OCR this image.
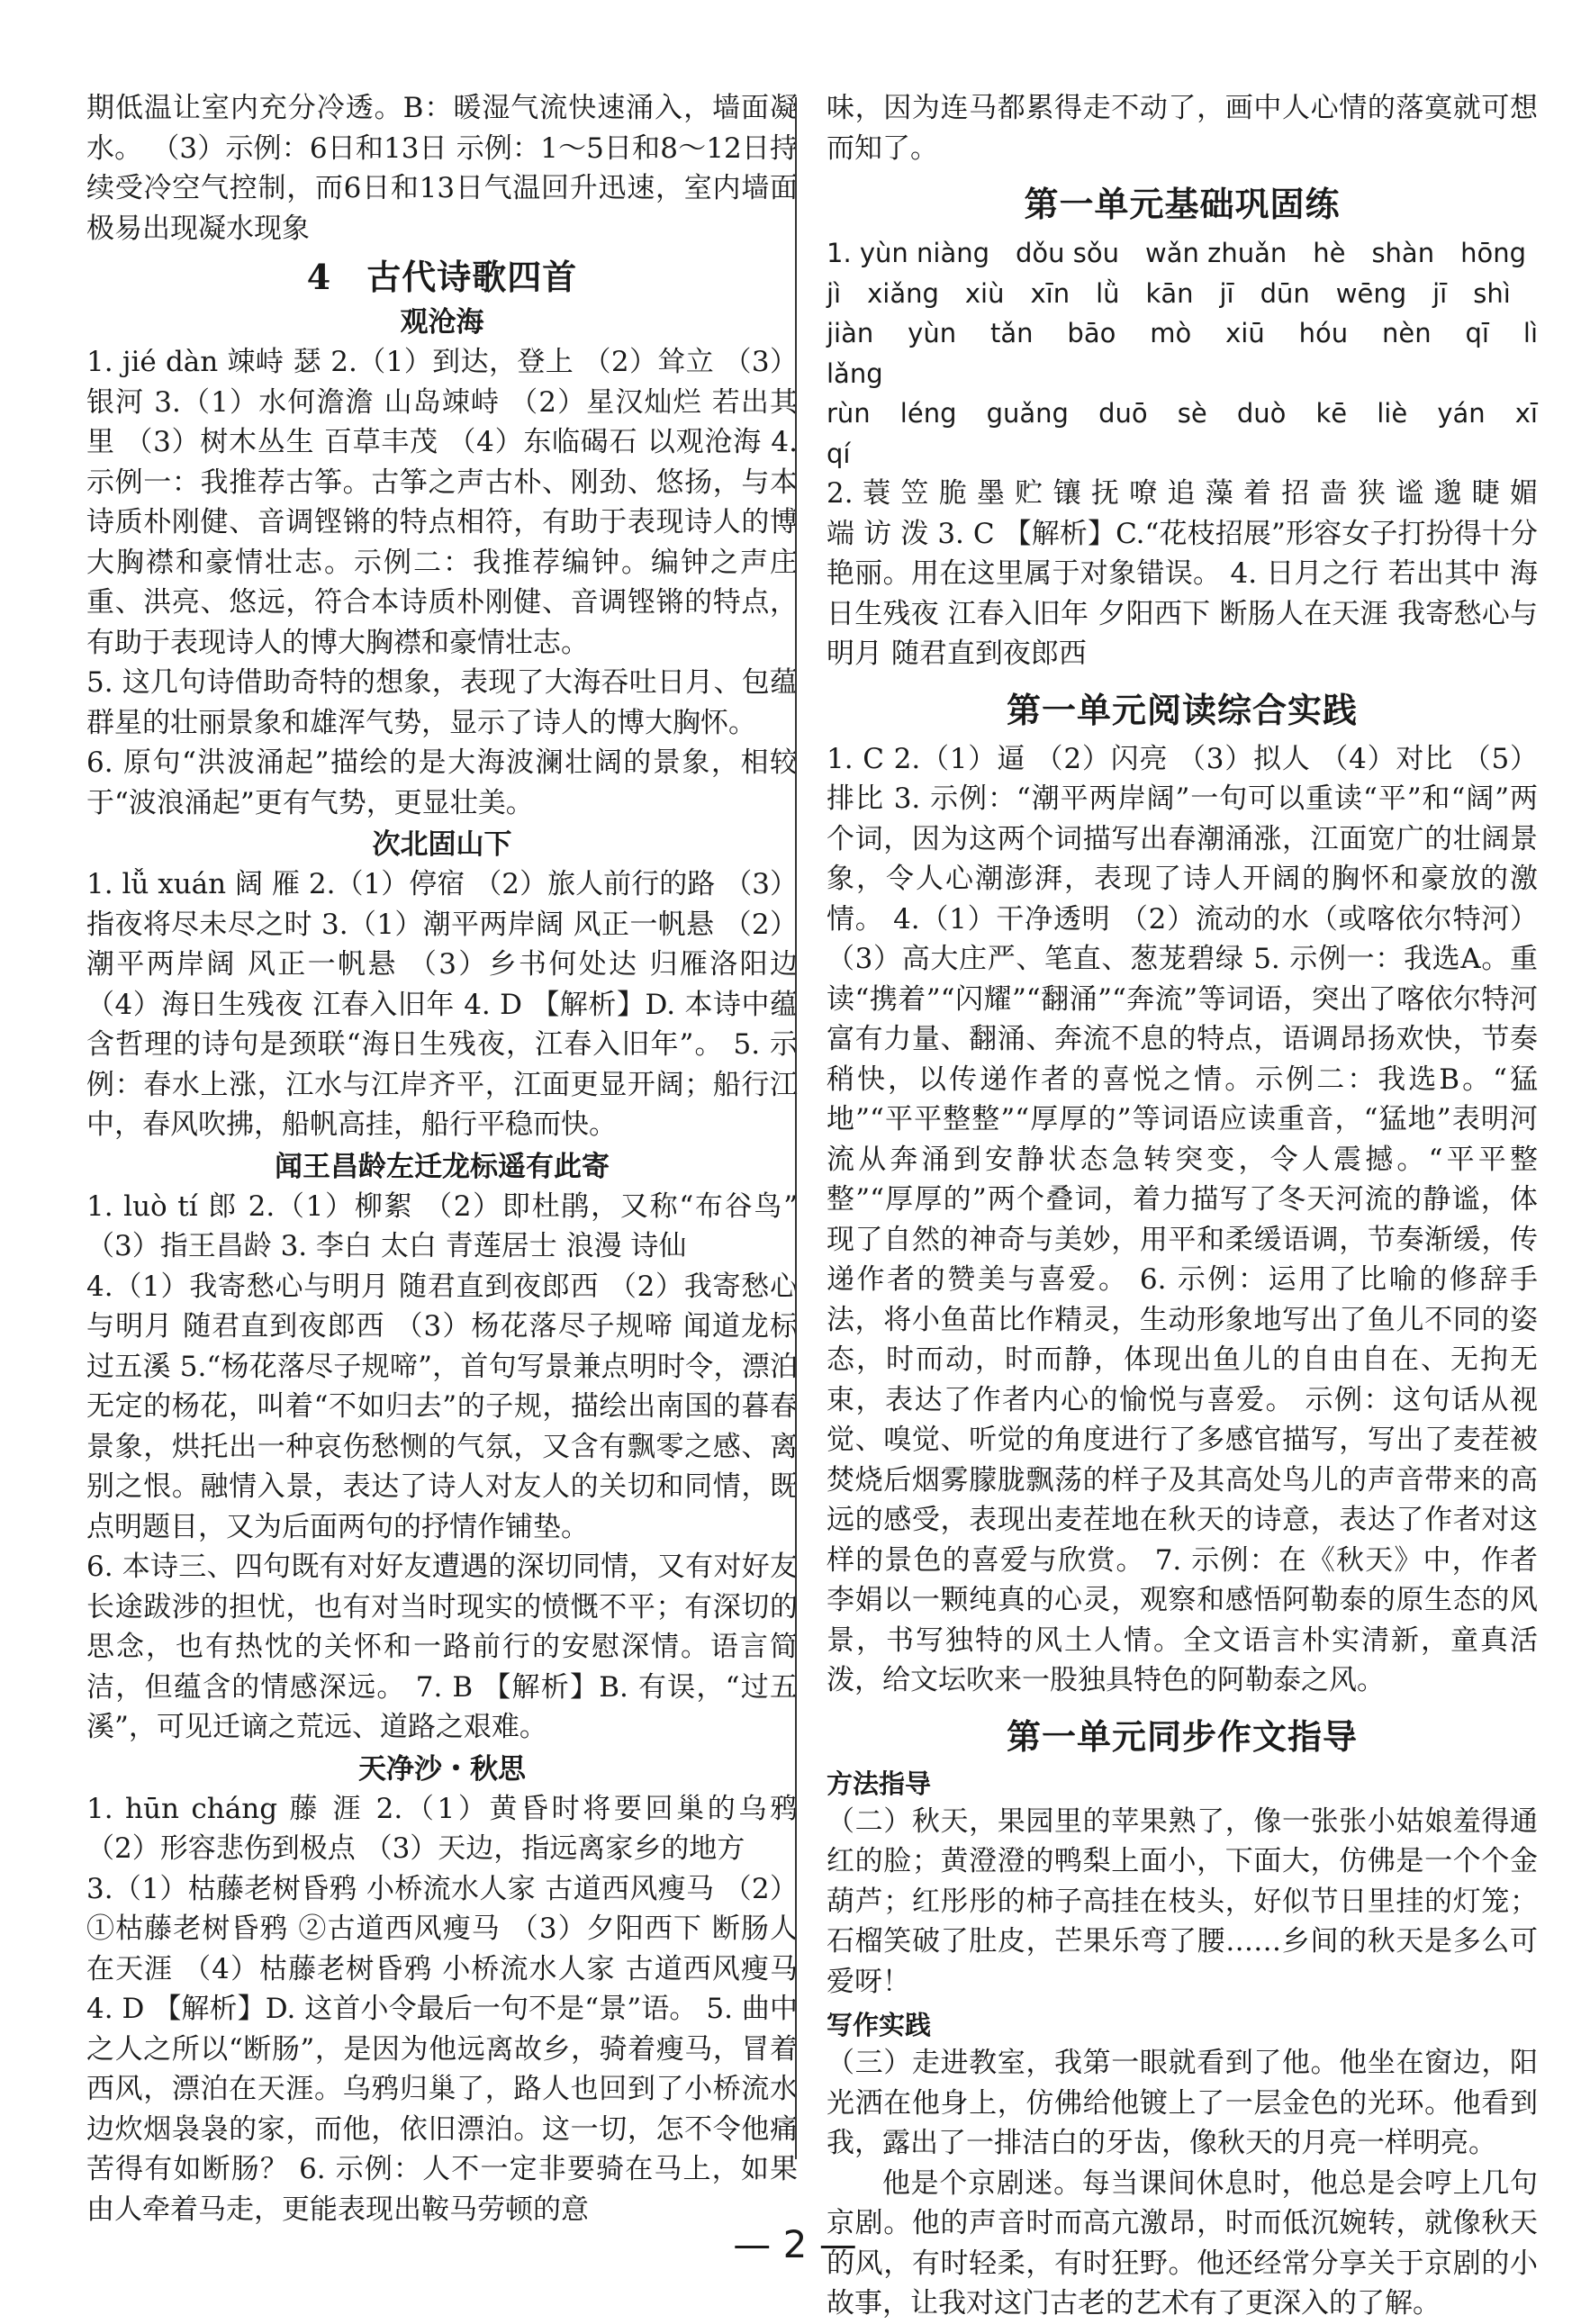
期低温让室内充分冷透。B：暖湿气流快速涌入，墙面凝水。 （3）示例：6日和13日 示例：1～5日和8～12日持续受冷空气控制，而6日和13日气温回升迅速，室内墙面极易出现凝水现象

4　古代诗歌四首
观沧海

1. jié dàn 竦峙 瑟 2.（1）到达，登上 （2）耸立 （3）银河 3.（1）水何澹澹 山岛竦峙 （2）星汉灿烂 若出其里 （3）树木丛生 百草丰茂 （4）东临碣石 以观沧海 4. 示例一：我推荐古筝。古筝之声古朴、刚劲、悠扬，与本诗质朴刚健、音调铿锵的特点相符，有助于表现诗人的博大胸襟和豪情壮志。示例二：我推荐编钟。编钟之声庄重、洪亮、悠远，符合本诗质朴刚健、音调铿锵的特点，有助于表现诗人的博大胸襟和豪情壮志。

5. 这几句诗借助奇特的想象，表现了大海吞吐日月、包蕴群星的壮丽景象和雄浑气势，显示了诗人的博大胸怀。

6. 原句“洪波涌起”描绘的是大海波澜壮阔的景象，相较于“波浪涌起”更有气势，更显壮美。

次北固山下

1. lǚ xuán 阔 雁 2.（1）停宿 （2）旅人前行的路 （3）指夜将尽未尽之时 3.（1）潮平两岸阔 风正一帆悬 （2）潮平两岸阔 风正一帆悬 （3）乡书何处达 归雁洛阳边 （4）海日生残夜 江春入旧年 4. D 【解析】D. 本诗中蕴含哲理的诗句是颈联“海日生残夜，江春入旧年”。 5. 示例：春水上涨，江水与江岸齐平，江面更显开阔；船行江中，春风吹拂，船帆高挂，船行平稳而快。

闻王昌龄左迁龙标遥有此寄

1. luò tí 郎 2.（1）柳絮 （2）即杜鹃，又称“布谷鸟” （3）指王昌龄 3. 李白 太白 青莲居士 浪漫 诗仙

4.（1）我寄愁心与明月 随君直到夜郎西 （2）我寄愁心与明月 随君直到夜郎西 （3）杨花落尽子规啼 闻道龙标过五溪 5.“杨花落尽子规啼”，首句写景兼点明时令，漂泊无定的杨花，叫着“不如归去”的子规，描绘出南国的暮春景象，烘托出一种哀伤愁恻的气氛，又含有飘零之感、离别之恨。融情入景，表达了诗人对友人的关切和同情，既点明题目，又为后面两句的抒情作铺垫。

6. 本诗三、四句既有对好友遭遇的深切同情，又有对好友长途跋涉的担忧，也有对当时现实的愤慨不平；有深切的思念，也有热忱的关怀和一路前行的安慰深情。语言简洁，但蕴含的情感深远。 7. B 【解析】B. 有误，“过五溪”，可见迁谪之荒远、道路之艰难。

天净沙・秋思

1. hūn cháng 藤 涯 2.（1）黄昏时将要回巢的乌鸦 （2）形容悲伤到极点 （3）天边，指远离家乡的地方

3.（1）枯藤老树昏鸦 小桥流水人家 古道西风瘦马 （2）①枯藤老树昏鸦 ②古道西风瘦马 （3）夕阳西下 断肠人在天涯 （4）枯藤老树昏鸦 小桥流水人家 古道西风瘦马 4. D 【解析】D. 这首小令最后一句不是“景”语。 5. 曲中之人之所以“断肠”，是因为他远离故乡，骑着瘦马，冒着西风，漂泊在天涯。乌鸦归巢了，路人也回到了小桥流水边炊烟袅袅的家，而他，依旧漂泊。这一切，怎不令他痛苦得有如断肠？ 6. 示例：人不一定非要骑在马上，如果由人牵着马走，更能表现出鞍马劳顿的意

味，因为连马都累得走不动了，画中人心情的落寞就可想而知了。

第一单元基础巩固练

1. yùn niàng　dǒu sǒu　wǎn zhuǎn　hè　shàn　hōng

jì　xiǎng　xiù　xīn　lǜ　kān　jī　dūn　wēng　jī　shì

jiàn　yùn　tǎn　bāo　mò　xiū　hóu　nèn　qī　lì　lǎng

rùn　léng　guǎng　duō　sè　duò　kē　liè　yán　xī　qí

2. 蓑 笠 脆 墨 贮 镶 抚 嘹 追 藻 着 招 啬 狭 谧 邈 睫 媚 端 访 泼 3. C 【解析】C.“花枝招展”形容女子打扮得十分艳丽。用在这里属于对象错误。 4. 日月之行 若出其中 海日生残夜 江春入旧年 夕阳西下 断肠人在天涯 我寄愁心与明月 随君直到夜郎西

第一单元阅读综合实践

1. C 2.（1）逼 （2）闪亮 （3）拟人 （4）对比 （5）排比 3. 示例：“潮平两岸阔”一句可以重读“平”和“阔”两个词，因为这两个词描写出春潮涌涨，江面宽广的壮阔景象，令人心潮澎湃，表现了诗人开阔的胸怀和豪放的激情。 4.（1）干净透明 （2）流动的水（或喀依尔特河） （3）高大庄严、笔直、葱茏碧绿 5. 示例一：我选A。重读“携着”“闪耀”“翻涌”“奔流”等词语，突出了喀依尔特河富有力量、翻涌、奔流不息的特点，语调昂扬欢快，节奏稍快，以传递作者的喜悦之情。示例二：我选B。“猛地”“平平整整”“厚厚的”等词语应读重音，“猛地”表明河流从奔涌到安静状态急转突变，令人震撼。“平平整整”“厚厚的”两个叠词，着力描写了冬天河流的静谧，体现了自然的神奇与美妙，用平和柔缓语调，节奏渐缓，传递作者的赞美与喜爱。 6. 示例：运用了比喻的修辞手法，将小鱼苗比作精灵，生动形象地写出了鱼儿不同的姿态，时而动，时而静，体现出鱼儿的自由自在、无拘无束，表达了作者内心的愉悦与喜爱。 示例：这句话从视觉、嗅觉、听觉的角度进行了多感官描写，写出了麦茬被焚烧后烟雾朦胧飘荡的样子及其高处鸟儿的声音带来的高远的感受，表现出麦茬地在秋天的诗意，表达了作者对这样的景色的喜爱与欣赏。 7. 示例：在《秋天》中，作者李娟以一颗纯真的心灵，观察和感悟阿勒泰的原生态的风景，书写独特的风土人情。全文语言朴实清新，童真活泼，给文坛吹来一股独具特色的阿勒泰之风。

第一单元同步作文指导
方法指导

（二）秋天，果园里的苹果熟了，像一张张小姑娘羞得通红的脸；黄澄澄的鸭梨上面小，下面大，仿佛是一个个金葫芦；红彤彤的柿子高挂在枝头，好似节日里挂的灯笼；石榴笑破了肚皮，芒果乐弯了腰……乡间的秋天是多么可爱呀！

写作实践

（三）走进教室，我第一眼就看到了他。他坐在窗边，阳光洒在他身上，仿佛给他镀上了一层金色的光环。他看到我，露出了一排洁白的牙齿，像秋天的月亮一样明亮。

他是个京剧迷。每当课间休息时，他总是会哼上几句京剧。他的声音时而高亢激昂，时而低沉婉转，就像秋天的风，有时轻柔，有时狂野。他还经常分享关于京剧的小故事，让我对这门古老的艺术有了更深入的了解。

— 2 —
